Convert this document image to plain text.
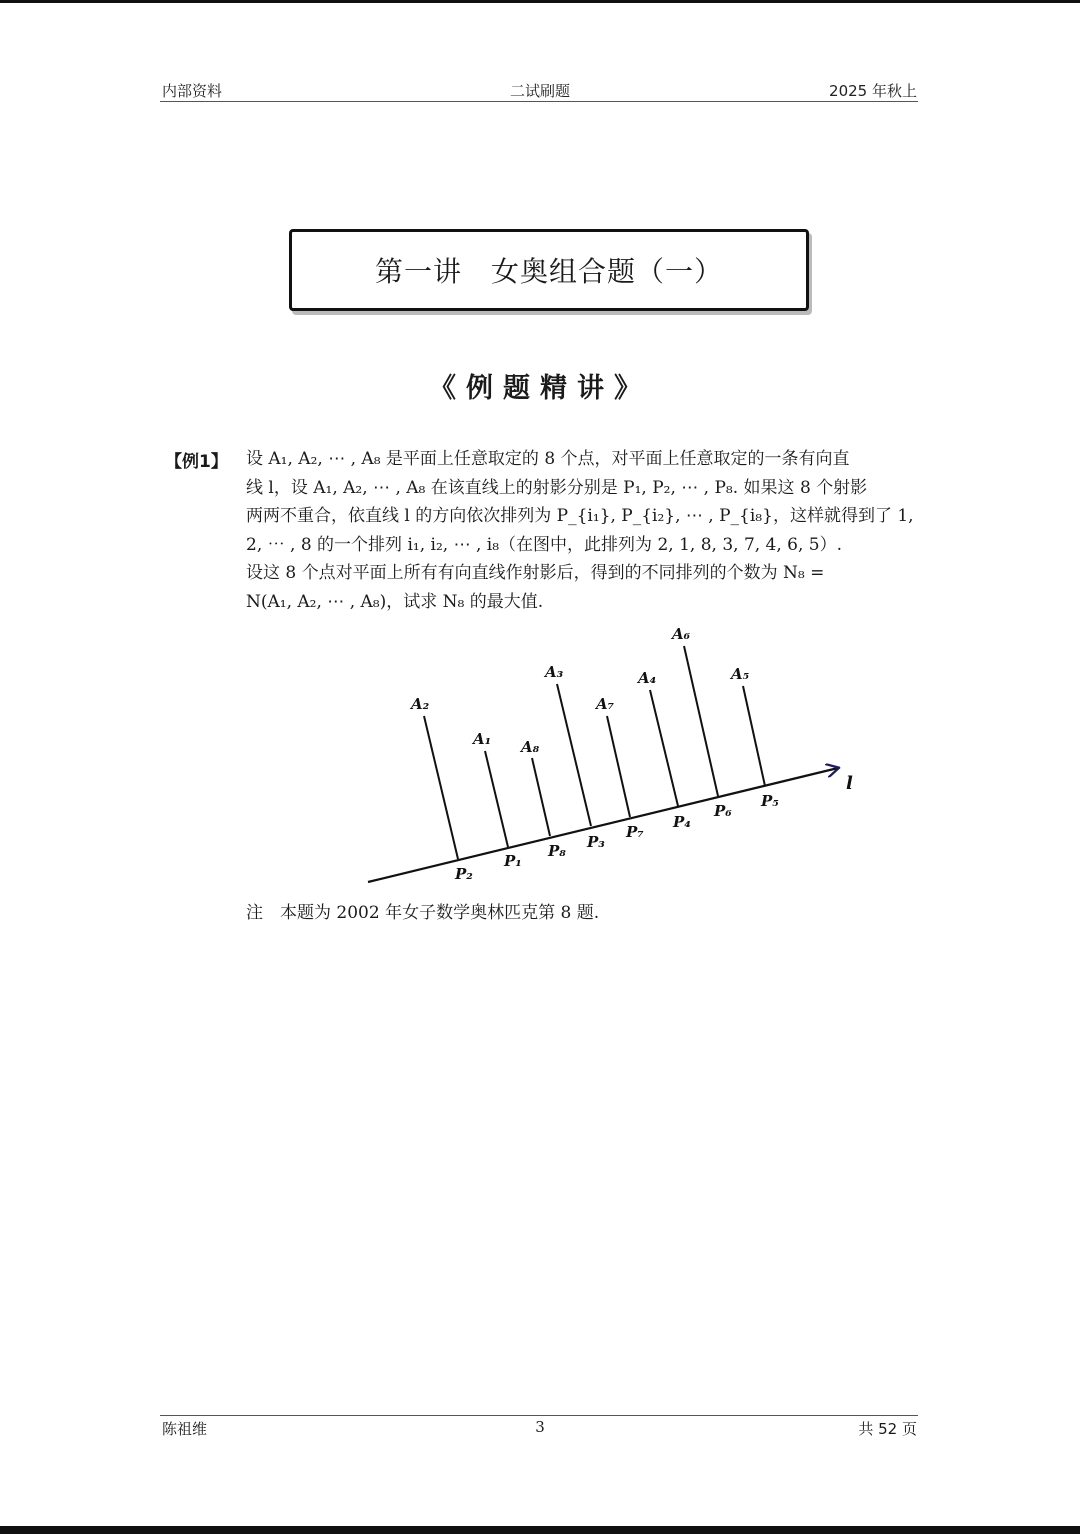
内部资料	二试刷题	2025 年秋上
第一讲　女奥组合题（一）
《例题精讲》
【例1】 设 A₁, A₂, ⋯ , A₈ 是平面上任意取定的 8 个点，对平面上任意取定的一条有向直
线 l，设 A₁, A₂, ⋯ , A₈ 在该直线上的射影分别是 P₁, P₂, ⋯ , P₈. 如果这 8 个射影
两两不重合，依直线 l 的方向依次排列为 P_{i₁}, P_{i₂}, ⋯ , P_{i₈}，这样就得到了 1,
2, ⋯ , 8 的一个排列 i₁, i₂, ⋯ , i₈（在图中，此排列为 2, 1, 8, 3, 7, 4, 6, 5）.
设这 8 个点对平面上所有有向直线作射影后，得到的不同排列的个数为 N₈ =
N(A₁, A₂, ⋯ , A₈)，试求 N₈ 的最大值.
l
A₂
A₁ A₈
A₃
A₇
A₄
A₆
A₅
P₂
P₁
P₈ P₃
P₇
P₄
P₆
P₅
注　本题为 2002 年女子数学奥林匹克第 8 题.
陈祖维	3	共 52 页
